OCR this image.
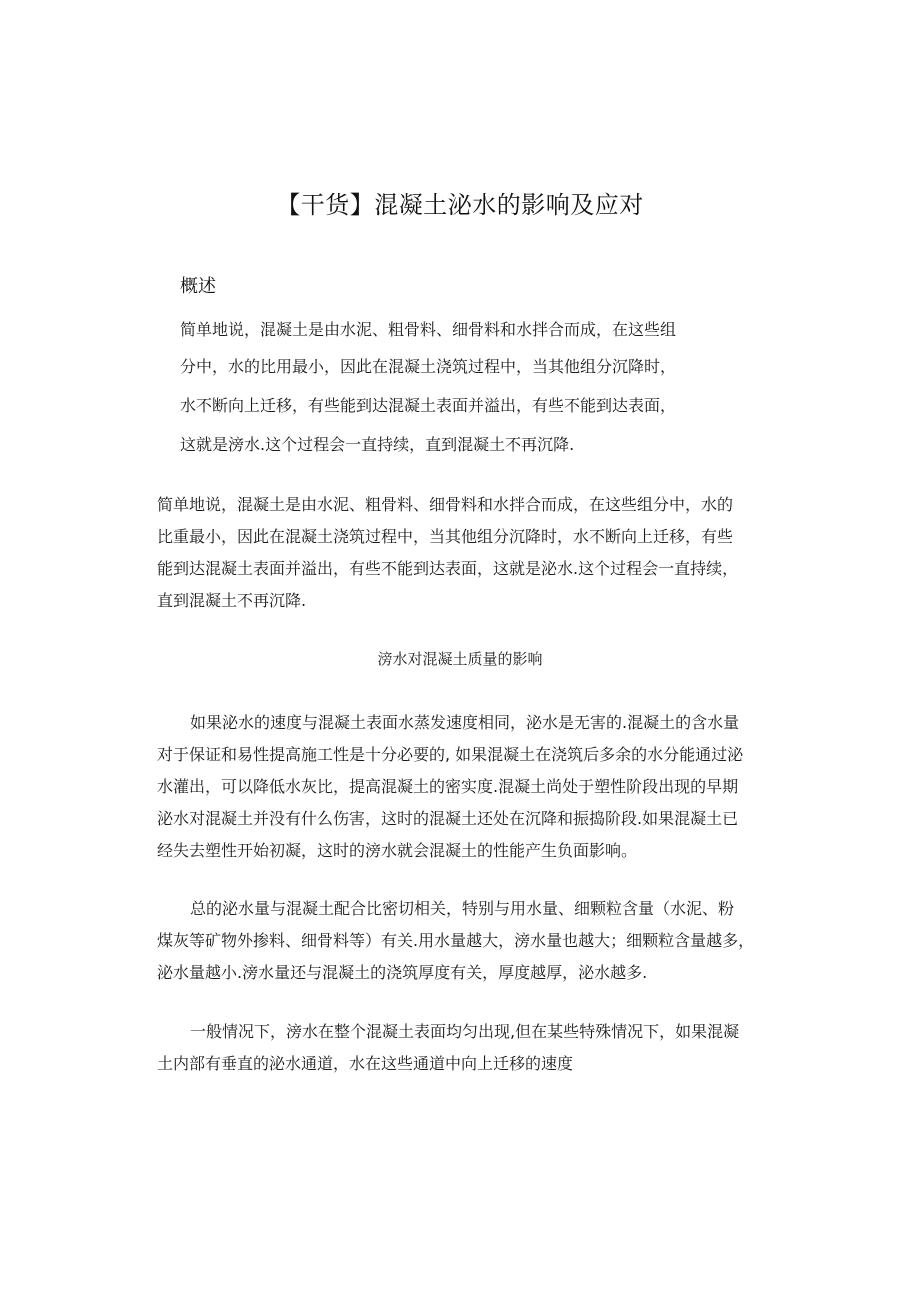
【干货】混凝土泌水的影响及应对
概述
简单地说，混凝土是由水泥、粗骨料、细骨料和水拌合而成，在这些组
分中，水的比用最小，因此在混凝土浇筑过程中，当其他组分沉降时，
水不断向上迁移，有些能到达混凝土表面并溢出，有些不能到达表面，
这就是滂水.这个过程会一直持续，直到混凝土不再沉降.
简单地说，混凝土是由水泥、粗骨料、细骨料和水拌合而成，在这些组分中，水的
比重最小，因此在混凝土浇筑过程中，当其他组分沉降时，水不断向上迁移，有些
能到达混凝土表面并溢出，有些不能到达表面，这就是泌水.这个过程会一直持续，
直到混凝土不再沉降.
滂水对混凝土质量的影响
如果泌水的速度与混凝土表面水蒸发速度相同，泌水是无害的.混凝土的含水量
对于保证和易性提高施工性是十分必要的, 如果混凝土在浇筑后多余的水分能通过泌
水灌出，可以降低水灰比，提高混凝土的密实度.混凝土尚处于塑性阶段出现的早期
泌水对混凝土并没有什么伤害，这时的混凝土还处在沉降和振捣阶段.如果混凝土已
经失去塑性开始初凝，这时的滂水就会混凝土的性能产生负面影响。
总的泌水量与混凝土配合比密切相关，特别与用水量、细颗粒含量（水泥、粉
煤灰等矿物外掺料、细骨料等）有关.用水量越大，滂水量也越大；细颗粒含量越多，
泌水量越小.滂水量还与混凝土的浇筑厚度有关，厚度越厚，泌水越多.
一般情况下，滂水在整个混凝土表面均匀出现,但在某些特殊情况下，如果混凝
土内部有垂直的泌水通道，水在这些通道中向上迁移的速度
